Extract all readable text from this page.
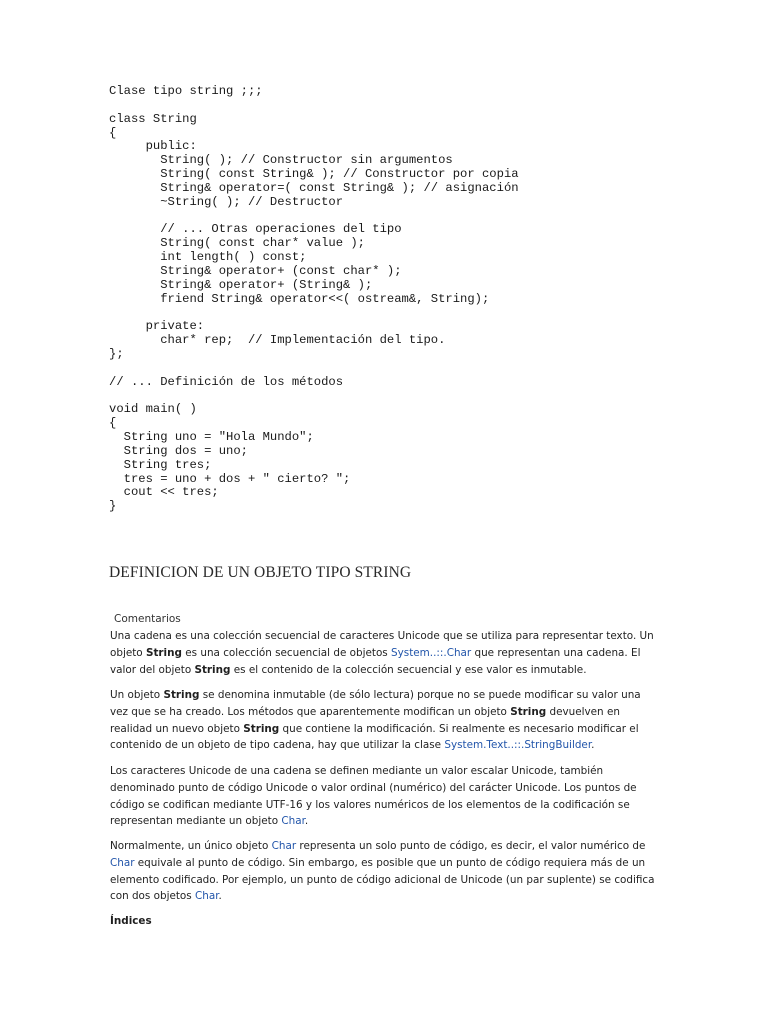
Clase tipo string ;;;
class String
{
public:
String( ); // Constructor sin argumentos
String( const String& ); // Constructor por copia
String& operator=( const String& ); // asignación
~String( ); // Destructor
// ... Otras operaciones del tipo
String( const char* value );
int length( ) const;
String& operator+ (const char* );
String& operator+ (String& );
friend String& operator<<( ostream&, String);
private:
char* rep;  // Implementación del tipo.
};
// ... Definición de los métodos
void main( )
{
String uno = "Hola Mundo";
String dos = uno;
String tres;
tres = uno + dos + " cierto? ";
cout << tres;
}
DEFINICION DE UN OBJETO TIPO STRING
Comentarios
Una cadena es una colección secuencial de caracteres Unicode que se utiliza para representar texto. Un objeto String es una colección secuencial de objetos System..::.Char que representan una cadena. El valor del objeto String es el contenido de la colección secuencial y ese valor es inmutable.
Un objeto String se denomina inmutable (de sólo lectura) porque no se puede modificar su valor una vez que se ha creado. Los métodos que aparentemente modifican un objeto String devuelven en realidad un nuevo objeto String que contiene la modificación. Si realmente es necesario modificar el contenido de un objeto de tipo cadena, hay que utilizar la clase System.Text..::.StringBuilder.
Los caracteres Unicode de una cadena se definen mediante un valor escalar Unicode, también denominado punto de código Unicode o valor ordinal (numérico) del carácter Unicode. Los puntos de código se codifican mediante UTF-16 y los valores numéricos de los elementos de la codificación se representan mediante un objeto Char.
Normalmente, un único objeto Char representa un solo punto de código, es decir, el valor numérico de Char equivale al punto de código. Sin embargo, es posible que un punto de código requiera más de un elemento codificado. Por ejemplo, un punto de código adicional de Unicode (un par suplente) se codifica con dos objetos Char.
Índices
